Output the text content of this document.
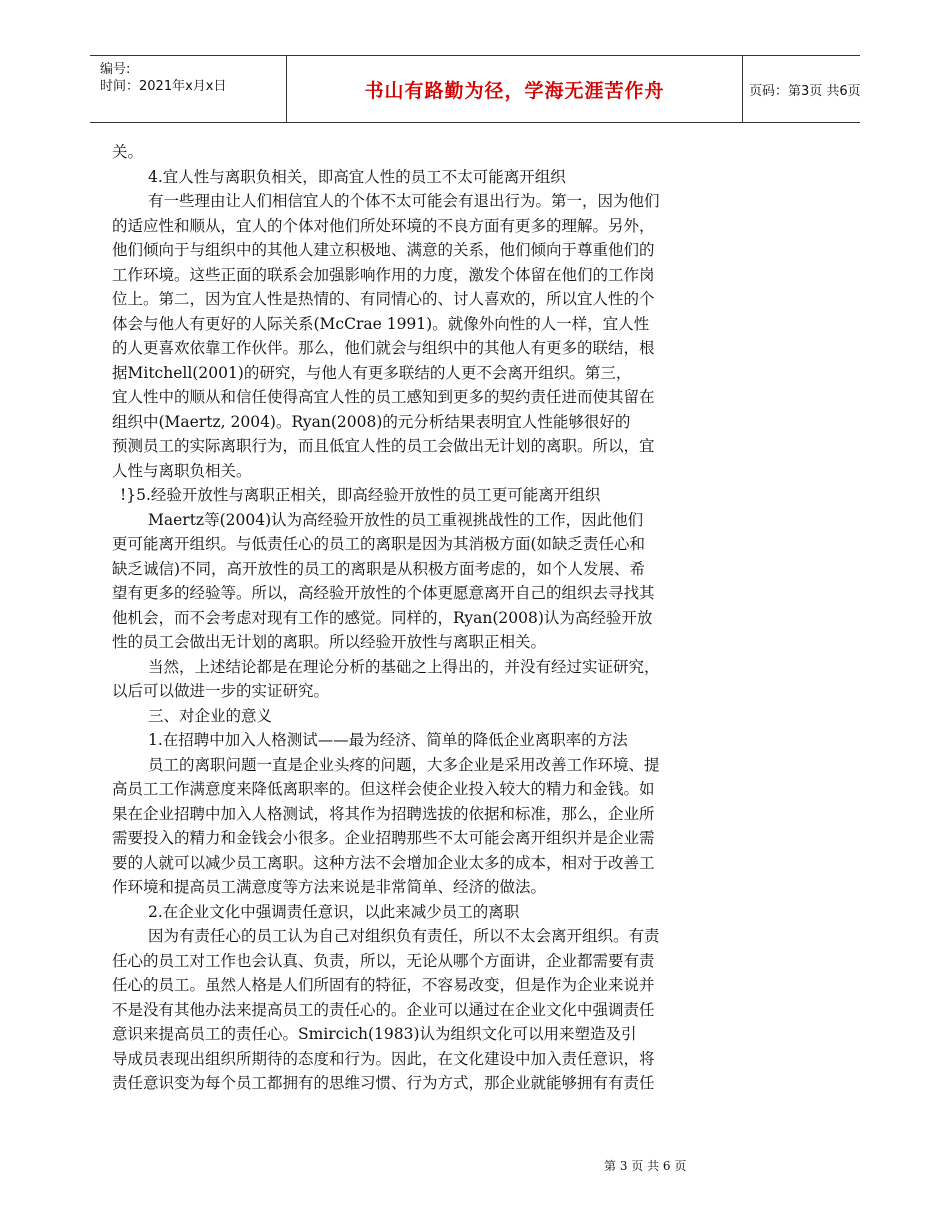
编号:
时间：2021年x月x日	书山有路勤为径，学海无涯苦作舟	页码：第3页 共6页
关。
4.宜人性与离职负相关，即高宜人性的员工不太可能离开组织
有一些理由让人们相信宜人的个体不太可能会有退出行为。第一，因为他们
的适应性和顺从，宜人的个体对他们所处环境的不良方面有更多的理解。另外，
他们倾向于与组织中的其他人建立积极地、满意的关系，他们倾向于尊重他们的
工作环境。这些正面的联系会加强影响作用的力度，激发个体留在他们的工作岗
位上。第二，因为宜人性是热情的、有同情心的、讨人喜欢的，所以宜人性的个
体会与他人有更好的人际关系(McCrae 1991)。就像外向性的人一样，宜人性
的人更喜欢依靠工作伙伴。那么，他们就会与组织中的其他人有更多的联结，根
据Mitchell(2001)的研究，与他人有更多联结的人更不会离开组织。第三，
宜人性中的顺从和信任使得高宜人性的员工感知到更多的契约责任进而使其留在
组织中(Maertz, 2004)。Ryan(2008)的元分析结果表明宜人性能够很好的
预测员工的实际离职行为，而且低宜人性的员工会做出无计划的离职。所以，宜
人性与离职负相关。
!}5.经验开放性与离职正相关，即高经验开放性的员工更可能离开组织
Maertz等(2004)认为高经验开放性的员工重视挑战性的工作，因此他们
更可能离开组织。与低责任心的员工的离职是因为其消极方面(如缺乏责任心和
缺乏诚信)不同，高开放性的员工的离职是从积极方面考虑的，如个人发展、希
望有更多的经验等。所以，高经验开放性的个体更愿意离开自己的组织去寻找其
他机会，而不会考虑对现有工作的感觉。同样的，Ryan(2008)认为高经验开放
性的员工会做出无计划的离职。所以经验开放性与离职正相关。
当然，上述结论都是在理论分析的基础之上得出的，并没有经过实证研究，
以后可以做进一步的实证研究。
三、对企业的意义
1.在招聘中加入人格测试——最为经济、简单的降低企业离职率的方法
员工的离职问题一直是企业头疼的问题，大多企业是采用改善工作环境、提
高员工工作满意度来降低离职率的。但这样会使企业投入较大的精力和金钱。如
果在企业招聘中加入人格测试，将其作为招聘选拔的依据和标准，那么，企业所
需要投入的精力和金钱会小很多。企业招聘那些不太可能会离开组织并是企业需
要的人就可以减少员工离职。这种方法不会增加企业太多的成本，相对于改善工
作环境和提高员工满意度等方法来说是非常简单、经济的做法。
2.在企业文化中强调责任意识，以此来减少员工的离职
因为有责任心的员工认为自己对组织负有责任，所以不太会离开组织。有责
任心的员工对工作也会认真、负责，所以，无论从哪个方面讲，企业都需要有责
任心的员工。虽然人格是人们所固有的特征，不容易改变，但是作为企业来说并
不是没有其他办法来提高员工的责任心的。企业可以通过在企业文化中强调责任
意识来提高员工的责任心。Smircich(1983)认为组织文化可以用来塑造及引
导成员表现出组织所期待的态度和行为。因此，在文化建设中加入责任意识，将
责任意识变为每个员工都拥有的思维习惯、行为方式，那企业就能够拥有有责任
第 3 页 共 6 页
